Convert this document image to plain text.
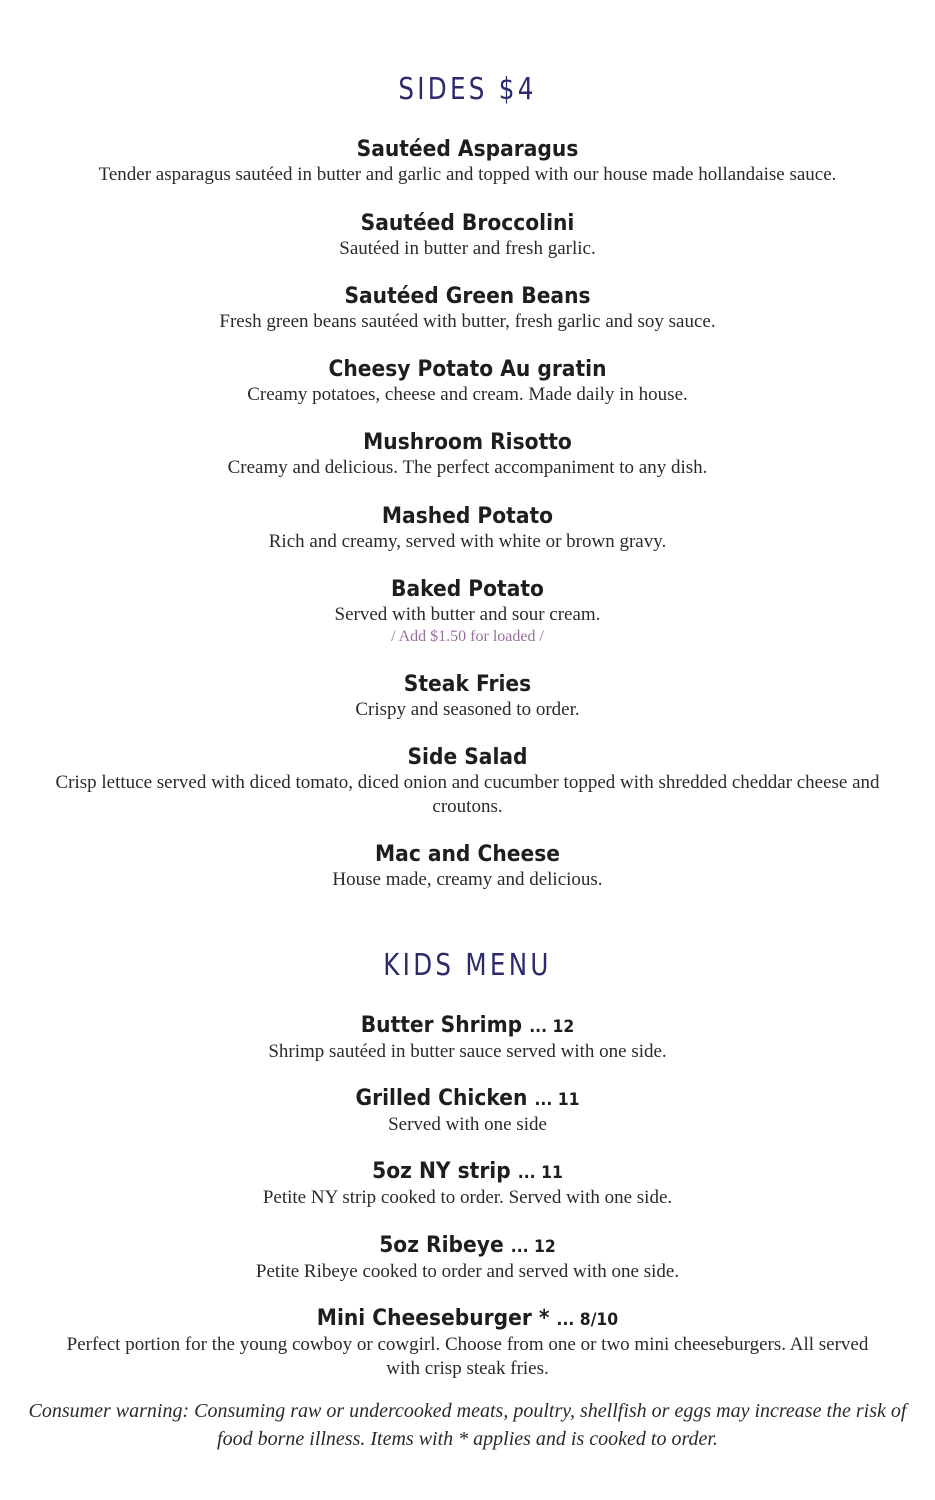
SIDES $4
Sautéed Asparagus
Tender asparagus sautéed in butter and garlic and topped with our house made hollandaise sauce.
Sautéed Broccolini
Sautéed in butter and fresh garlic.
Sautéed Green Beans
Fresh green beans sautéed with butter, fresh garlic and soy sauce.
Cheesy Potato Au gratin
Creamy potatoes, cheese and cream. Made daily in house.
Mushroom Risotto
Creamy and delicious. The perfect accompaniment to any dish.
Mashed Potato
Rich and creamy, served with white or brown gravy.
Baked Potato
Served with butter and sour cream.
/ Add $1.50 for loaded /
Steak Fries
Crispy and seasoned to order.
Side Salad
Crisp lettuce served with diced tomato, diced onion and cucumber topped with shredded cheddar cheese and
croutons.
Mac and Cheese
House made, creamy and delicious.
KIDS MENU
Butter Shrimp ... 12
Shrimp sautéed in butter sauce served with one side.
Grilled Chicken ... 11
Served with one side
5oz NY strip ... 11
Petite NY strip cooked to order. Served with one side.
5oz Ribeye ... 12
Petite Ribeye cooked to order and served with one side.
Mini Cheeseburger * ... 8/10
Perfect portion for the young cowboy or cowgirl. Choose from one or two mini cheeseburgers. All served
with crisp steak fries.
Consumer warning: Consuming raw or undercooked meats, poultry, shellfish or eggs may increase the risk of
food borne illness. Items with * applies and is cooked to order.
